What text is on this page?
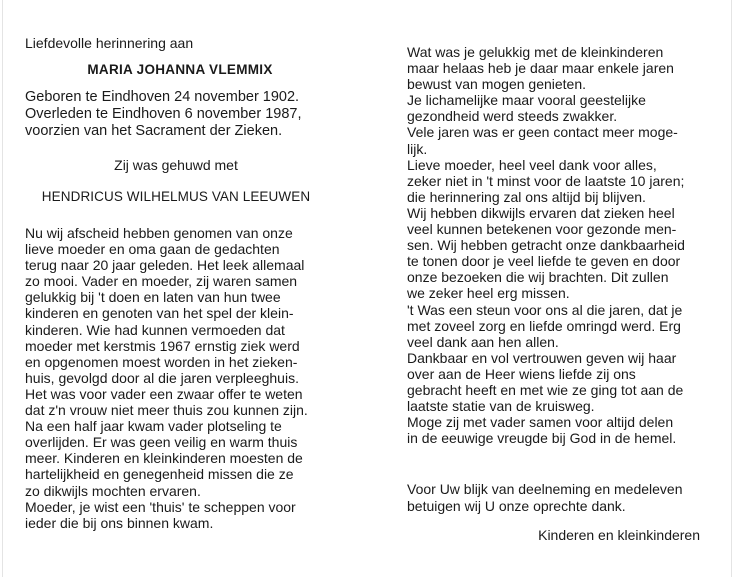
Liefdevolle herinnering aan

MARIA JOHANNA VLEMMIX

Geboren te Eindhoven 24 november 1902.
Overleden te Eindhoven 6 november 1987,
voorzien van het Sacrament der Zieken.

Zij was gehuwd met

HENDRICUS WILHELMUS VAN LEEUWEN

Nu wij afscheid hebben genomen van onze
lieve moeder en oma gaan de gedachten
terug naar 20 jaar geleden. Het leek allemaal
zo mooi. Vader en moeder, zij waren samen
gelukkig bij 't doen en laten van hun twee
kinderen en genoten van het spel der klein-
kinderen. Wie had kunnen vermoeden dat
moeder met kerstmis 1967 ernstig ziek werd
en opgenomen moest worden in het zieken-
huis, gevolgd door al die jaren verpleeghuis.
Het was voor vader een zwaar offer te weten
dat z'n vrouw niet meer thuis zou kunnen zijn.
Na een half jaar kwam vader plotseling te
overlijden. Er was geen veilig en warm thuis
meer. Kinderen en kleinkinderen moesten de
hartelijkheid en genegenheid missen die ze
zo dikwijls mochten ervaren.
Moeder, je wist een 'thuis' te scheppen voor
ieder die bij ons binnen kwam.
Wat was je gelukkig met de kleinkinderen
maar helaas heb je daar maar enkele jaren
bewust van mogen genieten.
Je lichamelijke maar vooral geestelijke
gezondheid werd steeds zwakker.
Vele jaren was er geen contact meer moge-
lijk.
Lieve moeder, heel veel dank voor alles,
zeker niet in 't minst voor de laatste 10 jaren;
die herinnering zal ons altijd bij blijven.
Wij hebben dikwijls ervaren dat zieken heel
veel kunnen betekenen voor gezonde men-
sen. Wij hebben getracht onze dankbaarheid
te tonen door je veel liefde te geven en door
onze bezoeken die wij brachten. Dit zullen
we zeker heel erg missen.
't Was een steun voor ons al die jaren, dat je
met zoveel zorg en liefde omringd werd. Erg
veel dank aan hen allen.
Dankbaar en vol vertrouwen geven wij haar
over aan de Heer wiens liefde zij ons
gebracht heeft en met wie ze ging tot aan de
laatste statie van de kruisweg.
Moge zij met vader samen voor altijd delen
in de eeuwige vreugde bij God in de hemel.
Voor Uw blijk van deelneming en medeleven
betuigen wij U onze oprechte dank.

Kinderen en kleinkinderen
